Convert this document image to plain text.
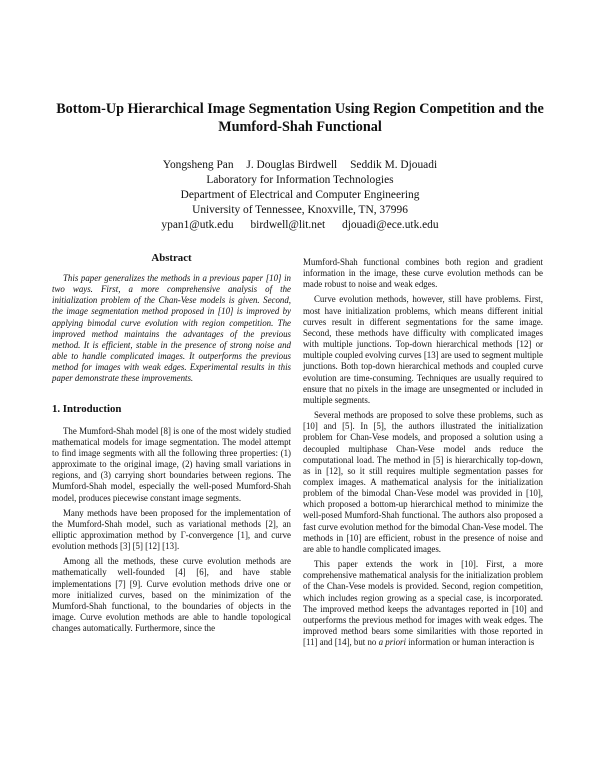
Bottom-Up Hierarchical Image Segmentation Using Region Competition and the Mumford-Shah Functional
Yongsheng Pan J. Douglas Birdwell Seddik M. Djouadi
Laboratory for Information Technologies
Department of Electrical and Computer Engineering
University of Tennessee, Knoxville, TN, 37996
ypan1@utk.edu birdwell@lit.net djouadi@ece.utk.edu
Abstract

This paper generalizes the methods in a previous paper [10] in two ways. First, a more comprehensive analysis of the initialization problem of the Chan-Vese models is given. Second, the image segmentation method proposed in [10] is improved by applying bimodal curve evolution with region competition. The improved method maintains the advantages of the previous method. It is efficient, stable in the presence of strong noise and able to handle complicated images. It outperforms the previous method for images with weak edges. Experimental results in this paper demonstrate these improvements.

1. Introduction

The Mumford-Shah model [8] is one of the most widely studied mathematical models for image segmentation. The model attempt to find image segments with all the following three properties: (1) approximate to the original image, (2) having small variations in regions, and (3) carrying short boundaries between regions. The Mumford-Shah model, especially the well-posed Mumford-Shah model, produces piecewise constant image segments.

Many methods have been proposed for the implementation of the Mumford-Shah model, such as variational methods [2], an elliptic approximation method by Γ-convergence [1], and curve evolution methods [3] [5] [12] [13].

Among all the methods, these curve evolution methods are mathematically well-founded [4] [6], and have stable implementations [7] [9]. Curve evolution methods drive one or more initialized curves, based on the minimization of the Mumford-Shah functional, to the boundaries of objects in the image. Curve evolution methods are able to handle topological changes automatically. Furthermore, since the

Mumford-Shah functional combines both region and gradient information in the image, these curve evolution methods can be made robust to noise and weak edges.

Curve evolution methods, however, still have problems. First, most have initialization problems, which means different initial curves result in different segmentations for the same image. Second, these methods have difficulty with complicated images with multiple junctions. Top-down hierarchical methods [12] or multiple coupled evolving curves [13] are used to segment multiple junctions. Both top-down hierarchical methods and coupled curve evolution are time-consuming. Techniques are usually required to ensure that no pixels in the image are unsegmented or included in multiple segments.

Several methods are proposed to solve these problems, such as [10] and [5]. In [5], the authors illustrated the initialization problem for Chan-Vese models, and proposed a solution using a decoupled multiphase Chan-Vese model ands reduce the computational load. The method in [5] is hierarchically top-down, as in [12], so it still requires multiple segmentation passes for complex images. A mathematical analysis for the initialization problem of the bimodal Chan-Vese model was provided in [10], which proposed a bottom-up hierarchical method to minimize the well-posed Mumford-Shah functional. The authors also proposed a fast curve evolution method for the bimodal Chan-Vese model. The methods in [10] are efficient, robust in the presence of noise and are able to handle complicated images.

This paper extends the work in [10]. First, a more comprehensive mathematical analysis for the initialization problem of the Chan-Vese models is provided. Second, region competition, which includes region growing as a special case, is incorporated. The improved method keeps the advantages reported in [10] and outperforms the previous method for images with weak edges. The improved method bears some similarities with those reported in [11] and [14], but no a priori information or human interaction is
